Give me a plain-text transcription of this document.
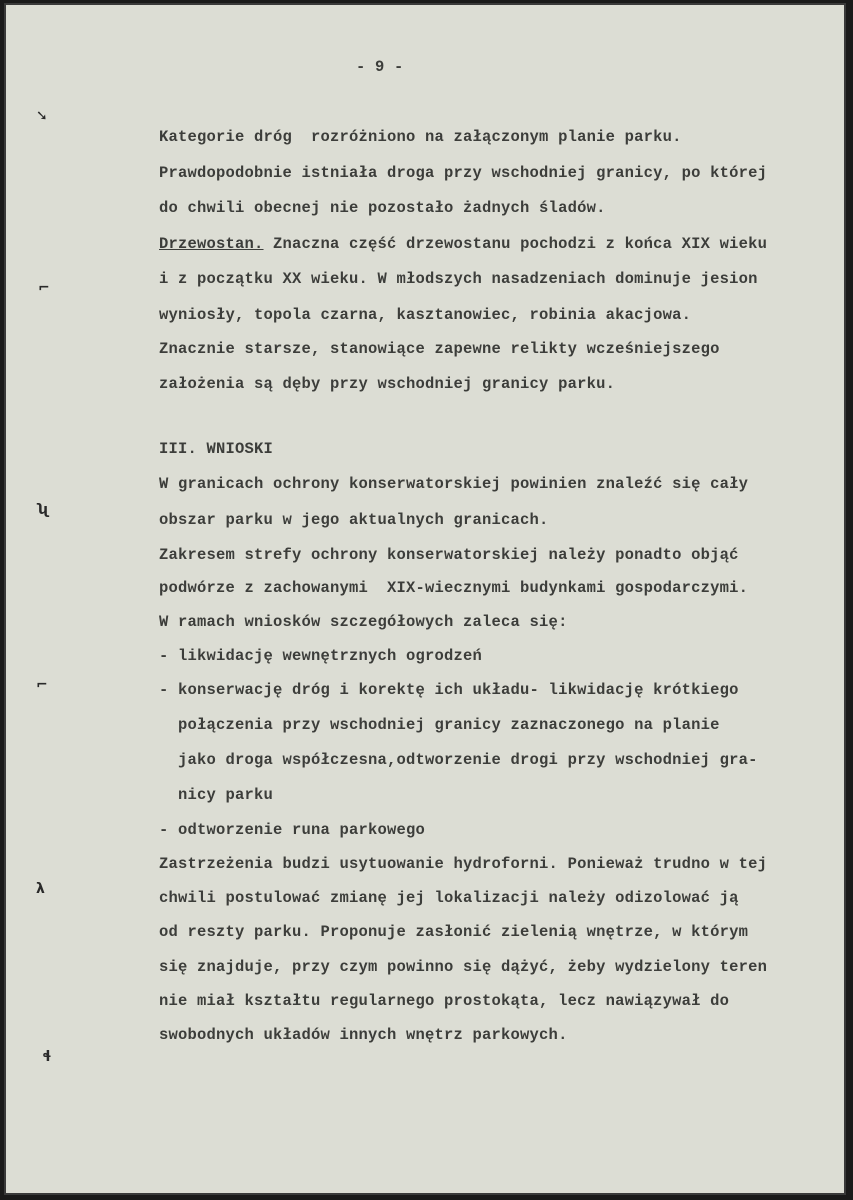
➘
⌐
ʯ
⌐
λ
ɬ
- 9 -
Kategorie dróg  rozróżniono na załączonym planie parku.
Prawdopodobnie istniała droga przy wschodniej granicy, po której
do chwili obecnej nie pozostało żadnych śladów.
Drzewostan. Znaczna część drzewostanu pochodzi z końca XIX wieku
i z początku XX wieku. W młodszych nasadzeniach dominuje jesion
wyniosły, topola czarna, kasztanowiec, robinia akacjowa.
Znacznie starsze, stanowiące zapewne relikty wcześniejszego
założenia są dęby przy wschodniej granicy parku.
III. WNIOSKI
W granicach ochrony konserwatorskiej powinien znaleźć się cały
obszar parku w jego aktualnych granicach.
Zakresem strefy ochrony konserwatorskiej należy ponadto objąć
podwórze z zachowanymi  XIX-wiecznymi budynkami gospodarczymi.
W ramach wniosków szczegółowych zaleca się:
- likwidację wewnętrznych ogrodzeń
- konserwację dróg i korektę ich układu- likwidację krótkiego
połączenia przy wschodniej granicy zaznaczonego na planie
jako droga współczesna,odtworzenie drogi przy wschodniej gra-
nicy parku
- odtworzenie runa parkowego
Zastrzeżenia budzi usytuowanie hydroforni. Ponieważ trudno w tej
chwili postulować zmianę jej lokalizacji należy odizolować ją
od reszty parku. Proponuje zasłonić zielenią wnętrze, w którym
się znajduje, przy czym powinno się dążyć, żeby wydzielony teren
nie miał kształtu regularnego prostokąta, lecz nawiązywał do
swobodnych układów innych wnętrz parkowych.
